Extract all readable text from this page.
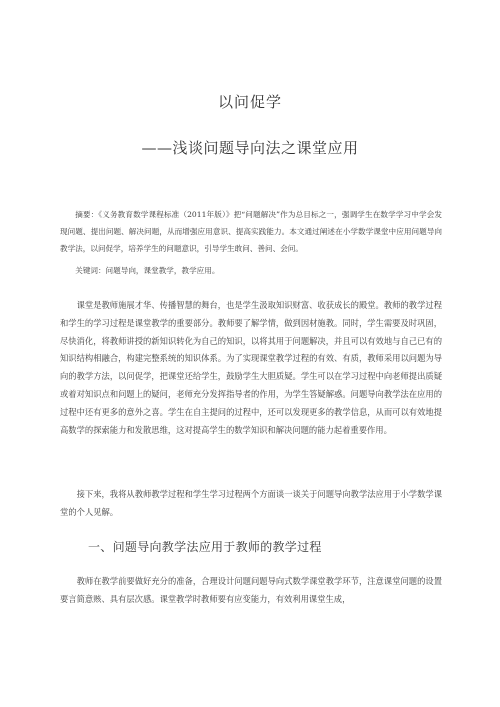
以问促学
——浅谈问题导向法之课堂应用

摘要：《义务教育数学课程标准（2011年版）》把“问题解决”作为总目标之一，强调学生在数学学习中学会发现问题、提出问题、解决问题，从而增强应用意识、提高实践能力。本文通过阐述在小学数学课堂中应用问题导向教学法，以问促学，培养学生的问题意识，引导学生敢问、善问、会问。

关键词：问题导向，课堂教学，教学应用。

课堂是教师施展才华、传播智慧的舞台，也是学生汲取知识财富、收获成长的殿堂。教师的教学过程和学生的学习过程是课堂教学的重要部分。教师要了解学情，做到因材施教。同时，学生需要及时巩固，尽快消化，将教师讲授的新知识转化为自己的知识，以将其用于问题解决，并且可以有效地与自己已有的知识结构相融合，构建完整系统的知识体系。为了实现课堂教学过程的有效、有质，教师采用以问题为导向的教学方法，以问促学，把课堂还给学生，鼓励学生大胆质疑。学生可以在学习过程中向老师提出质疑或着对知识点和问题上的疑问，老师充分发挥指导者的作用，为学生答疑解惑。问题导向教学法在应用的过程中还有更多的意外之喜。学生在自主提问的过程中，还可以发现更多的教学信息，从而可以有效地提高数学的探索能力和发散思维，这对提高学生的数学知识和解决问题的能力起着重要作用。

接下来，我将从教师教学过程和学生学习过程两个方面谈一谈关于问题导向教学法应用于小学数学课堂的个人见解。

一、问题导向教学法应用于教师的教学过程

教师在教学前要做好充分的准备，合理设计问题问题导向式数学课堂教学环节，注意课堂问题的设置要言简意赅、具有层次感。课堂教学时教师要有应变能力，有效利用课堂生成，
